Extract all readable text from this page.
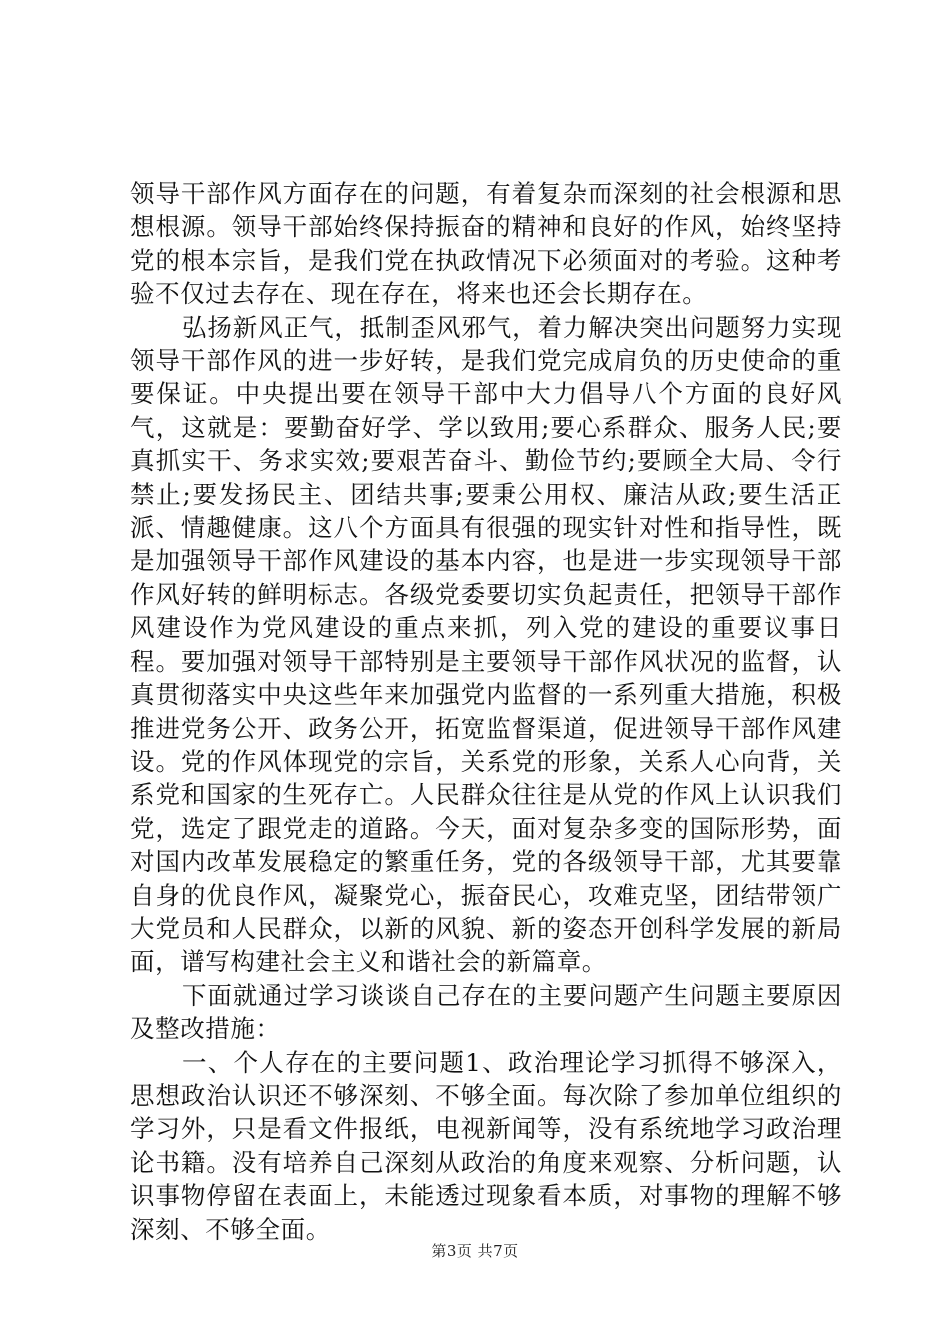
领导干部作风方面存在的问题，有着复杂而深刻的社会根源和思想根源。领导干部始终保持振奋的精神和良好的作风，始终坚持党的根本宗旨，是我们党在执政情况下必须面对的考验。这种考验不仅过去存在、现在存在，将来也还会长期存在。

弘扬新风正气，抵制歪风邪气，着力解决突出问题努力实现领导干部作风的进一步好转，是我们党完成肩负的历史使命的重要保证。中央提出要在领导干部中大力倡导八个方面的良好风气，这就是：要勤奋好学、学以致用;要心系群众、服务人民;要真抓实干、务求实效;要艰苦奋斗、勤俭节约;要顾全大局、令行禁止;要发扬民主、团结共事;要秉公用权、廉洁从政;要生活正派、情趣健康。这八个方面具有很强的现实针对性和指导性，既是加强领导干部作风建设的基本内容，也是进一步实现领导干部作风好转的鲜明标志。各级党委要切实负起责任，把领导干部作风建设作为党风建设的重点来抓，列入党的建设的重要议事日程。要加强对领导干部特别是主要领导干部作风状况的监督，认真贯彻落实中央这些年来加强党内监督的一系列重大措施，积极推进党务公开、政务公开，拓宽监督渠道，促进领导干部作风建设。党的作风体现党的宗旨，关系党的形象，关系人心向背，关系党和国家的生死存亡。人民群众往往是从党的作风上认识我们党，选定了跟党走的道路。今天，面对复杂多变的国际形势，面对国内改革发展稳定的繁重任务，党的各级领导干部，尤其要靠自身的优良作风，凝聚党心，振奋民心，攻难克坚，团结带领广大党员和人民群众，以新的风貌、新的姿态开创科学发展的新局面，谱写构建社会主义和谐社会的新篇章。

下面就通过学习谈谈自己存在的主要问题产生问题主要原因及整改措施：

一、个人存在的主要问题1、政治理论学习抓得不够深入，思想政治认识还不够深刻、不够全面。每次除了参加单位组织的学习外，只是看文件报纸，电视新闻等，没有系统地学习政治理论书籍。没有培养自己深刻从政治的角度来观察、分析问题，认识事物停留在表面上，未能透过现象看本质，对事物的理解不够深刻、不够全面。

第3页 共7页
